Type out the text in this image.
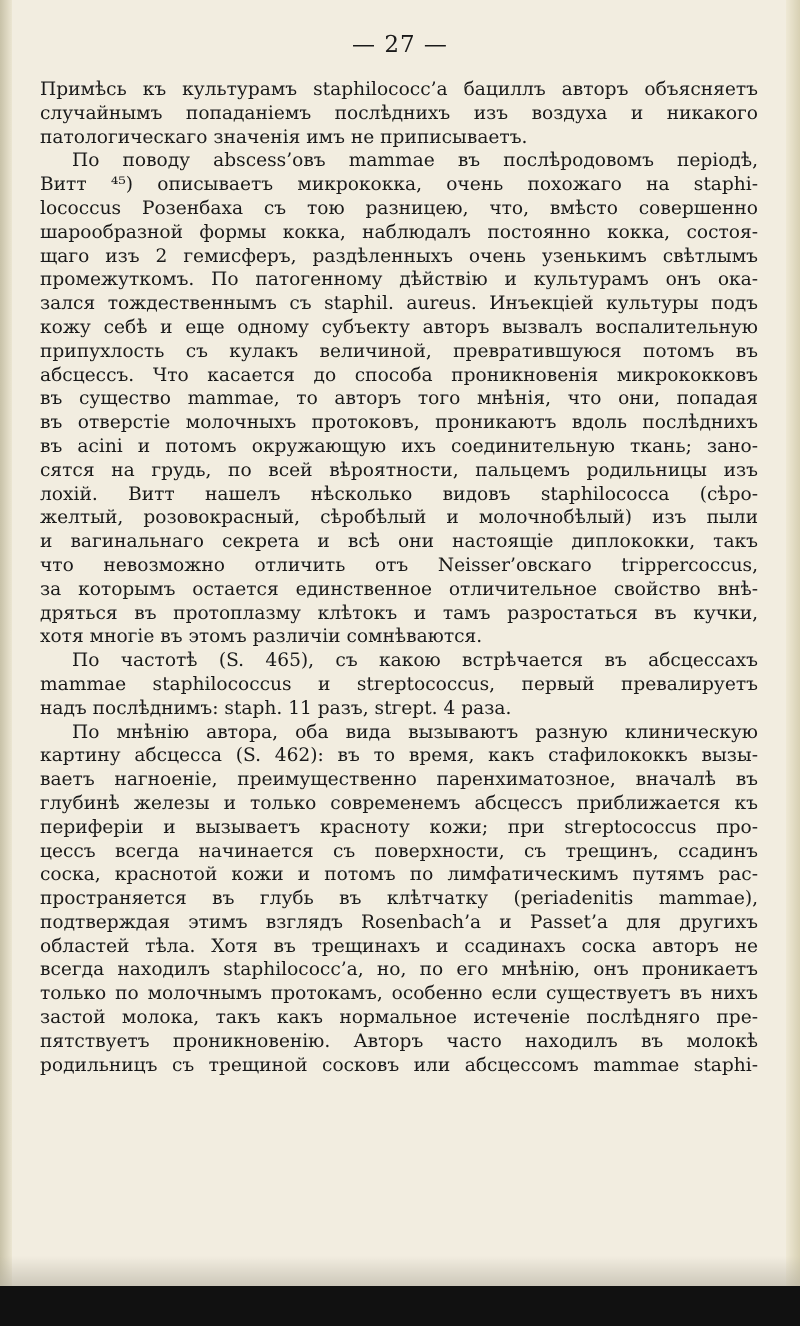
— 27 —
Примѣсь къ культурамъ ѕtарhilососс’а бациллъ авторъ объясняетъ
случайнымъ попаданіемъ послѣднихъ изъ воздуха и никакого
патологическаго значенія имъ не приписываетъ.
По поводу аbѕсеѕѕ’овъ mammae въ послѣродовомъ періодѣ,
Витт ⁴⁵) описываетъ микрококка, очень похожаго на ѕtарhі-
lососсuѕ Розенбаха съ тою разницею, что, вмѣсто совершенно
шарообразной формы кокка, наблюдалъ постоянно кокка, состоя-
щаго изъ 2 гемисферъ, раздѣленныхъ очень узенькимъ свѣтлымъ
промежуткомъ. По патогенному дѣйствію и культурамъ онъ ока-
зался тождественнымъ съ ѕtарhil. аurеuѕ. Инъекціей культуры подъ
кожу себѣ и еще одному субъекту авторъ вызвалъ воспалительную
припухлость съ кулакъ величиной, превратившуюся потомъ въ
абсцессъ. Что касается до способа проникновенія микрококковъ
въ существо mammae, то авторъ того мнѣнія, что они, попадая
въ отверстіе молочныхъ протоковъ, проникаютъ вдоль послѣднихъ
въ асіni и потомъ окружающую ихъ соединительную ткань; зано-
сятся на грудь, по всей вѣроятности, пальцемъ родильницы изъ
лохій. Витт нашелъ нѣсколько видовъ ѕtарhilососса (сѣро-
желтый, розовокрасный, сѣробѣлый и молочнобѣлый) изъ пыли
и вагинальнаго секрета и всѣ они настоящіе диплококки, такъ
что невозможно отличить отъ Nеіѕѕеr’овскаго tгірреrсоссuѕ,
за которымъ остается единственное отличительное свойство внѣ-
дряться въ протоплазму клѣтокъ и тамъ разростаться въ кучки,
хотя многіе въ этомъ различіи сомнѣваются.
По частотѣ (S. 465), съ какою встрѣчается въ абсцессахъ
mammae ѕtарhilососсuѕ и ѕtгерtососсuѕ, первый превалируетъ
надъ послѣднимъ: ѕtарh. 11 разъ, ѕtгерt. 4 раза.
По мнѣнію автора, оба вида вызываютъ разную клиническую
картину абсцесса (S. 462): въ то время, какъ стафилококкъ вызы-
ваетъ нагноеніе, преимущественно паренхиматозное, вначалѣ въ
глубинѣ железы и только современемъ абсцессъ приближается къ
периферіи и вызываетъ красноту кожи; при ѕtгерtососсuѕ про-
цессъ всегда начинается съ поверхности, съ трещинъ, ссадинъ
соска, краснотой кожи и потомъ по лимфатическимъ путямъ рас-
пространяется въ глубь въ клѣтчатку (реriаdеnіtіѕ mammae),
подтверждая этимъ взглядъ Rоѕеnbасh’а и Раѕѕеt’а для другихъ
областей тѣла. Хотя въ трещинахъ и ссадинахъ соска авторъ не
всегда находилъ ѕtарhilососс’а, но, по его мнѣнію, онъ проникаетъ
только по молочнымъ протокамъ, особенно если существуетъ въ нихъ
застой молока, такъ какъ нормальное истеченіе послѣдняго пре-
пятствуетъ проникновенію. Авторъ часто находилъ въ молокѣ
родильницъ съ трещиной сосковъ или абсцессомъ mammae ѕtарhі-
